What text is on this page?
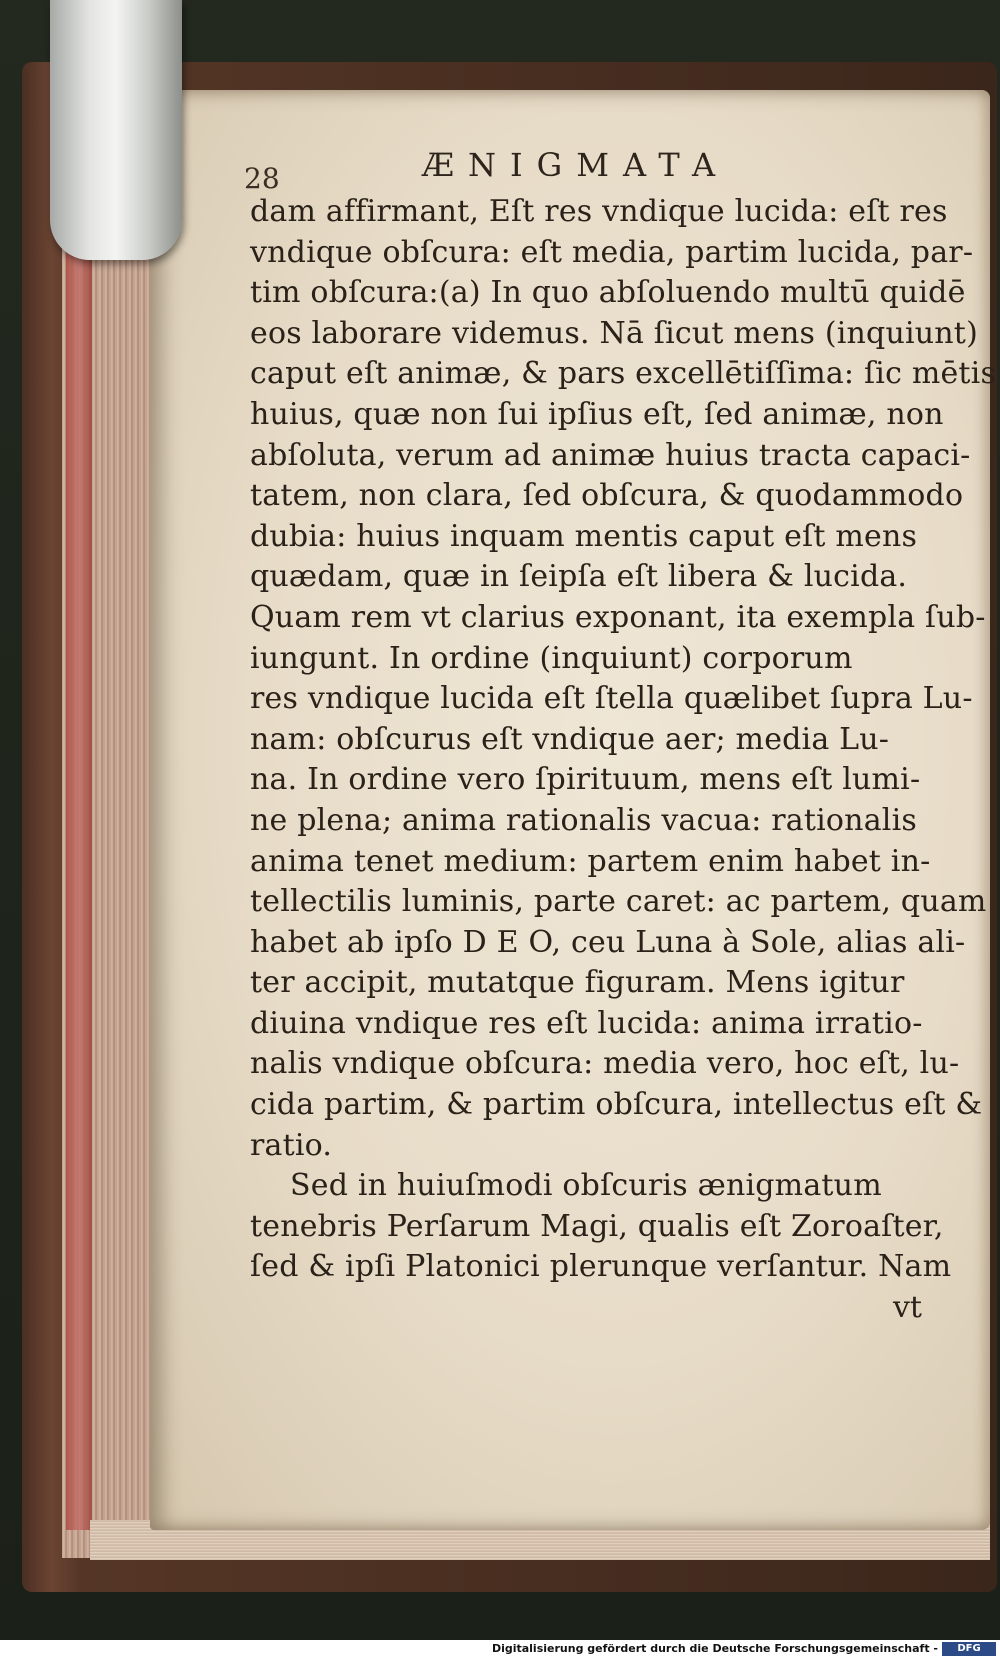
28	ÆNIGMATA
dam affirmant, Eſt res vndique lucida: eſt res
vndique obſcura: eſt media, partim lucida, par-
tim obſcura:(a) In quo abſoluendo multū quidē
eos laborare videmus. Nā ſicut mens (inquiunt)
caput eſt animæ, & pars excellētiſſima: ſic mētis
huius, quæ non ſui ipſius eſt, ſed animæ, non
abſoluta, verum ad animæ huius tracta capaci-
tatem, non clara, ſed obſcura, & quodammodo
dubia: huius inquam mentis caput eſt mens
quædam, quæ in ſeipſa eſt libera & lucida.
Quam rem vt clarius exponant, ita exempla ſub-
iungunt. In ordine (inquiunt) corporum
res vndique lucida eſt ſtella quælibet ſupra Lu-
nam: obſcurus eſt vndique aer; media Lu-
na. In ordine vero ſpirituum, mens eſt lumi-
ne plena; anima rationalis vacua: rationalis
anima tenet medium: partem enim habet in-
tellectilis luminis, parte caret: ac partem, quam
habet ab ipſo D E O, ceu Luna à Sole, alias ali-
ter accipit, mutatque figuram. Mens igitur
diuina vndique res eſt lucida: anima irratio-
nalis vndique obſcura: media vero, hoc eſt, lu-
cida partim, & partim obſcura, intellectus eſt &
ratio.
Sed in huiuſmodi obſcuris ænigmatum
tenebris Perſarum Magi, qualis eſt Zoroaſter,
ſed & ipſi Platonici plerunque verſantur. Nam
vt
Digitalisierung gefördert durch die Deutsche Forschungsgemeinschaft -	DFG
